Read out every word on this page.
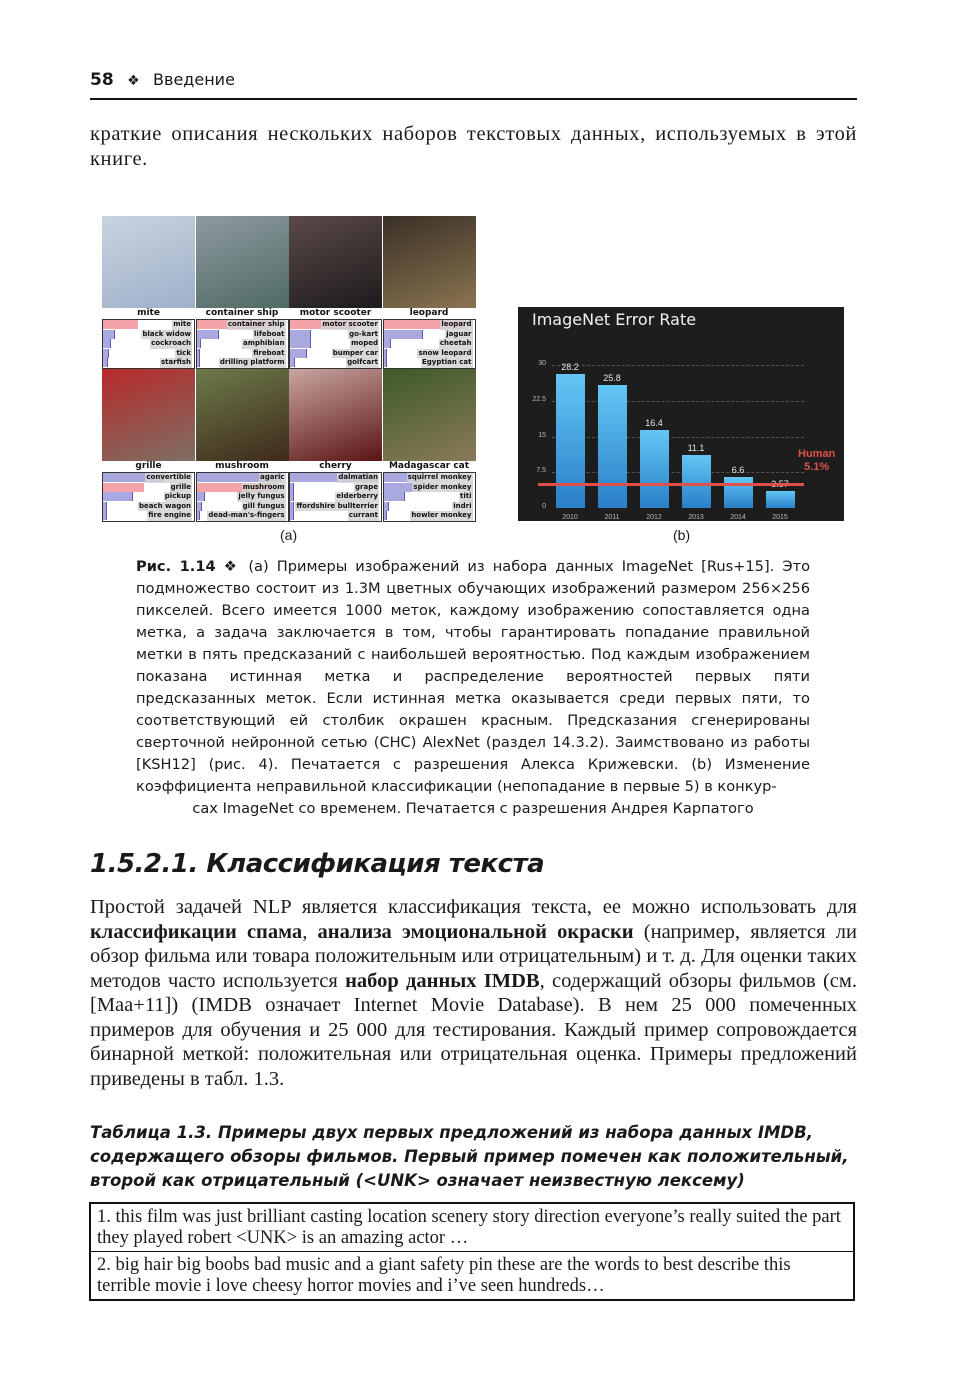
58 ❖ Введение
краткие описания нескольких наборов текстовых данных, используемых в этой книге.
mite
mite
black widow
cockroach
tick
starfish
container ship
container ship
lifeboat
amphibian
fireboat
drilling platform
motor scooter
motor scooter
go-kart
moped
bumper car
golfcart
leopard
leopard
jaguar
cheetah
snow leopard
Egyptian cat
grille
convertible
grille
pickup
beach wagon
fire engine
mushroom
agaric
mushroom
jelly fungus
gill fungus
dead-man's-fingers
cherry
dalmatian
grape
elderberry
ffordshire bullterrier
currant
Madagascar cat
squirrel monkey
spider monkey
titi
indri
howler monkey
(a)
ImageNet Error Rate
0
7.5
15
22.5
30	28.2
2010
25.8
2011
16.4
2012
11.1
2013
6.6
2014	2015
Human
5.1%
(b)
Рис. 1.14 ❖ (a) Примеры изображений из набора данных ImageNet [Rus+15]. Это подмножество состоит из 1.3M цветных обучающих изображений размером 256×256 пикселей. Всего имеется 1000 меток, каждому изображению сопоставляется одна метка, а задача заключается в том, чтобы гарантировать попадание правильной метки в пять предсказаний с наибольшей вероятностью. Под каждым изображением показана истинная метка и распределение вероятностей первых пяти предсказанных меток. Если истинная метка оказывается среди первых пяти, то соответствующий ей столбик окрашен красным. Предсказания сгенерированы сверточной нейронной сетью (СНС) AlexNet (раздел 14.3.2). Заимствовано из работы [KSH12] (рис. 4). Печатается с разрешения Алекса Крижевски. (b) Изменение коэффициента неправильной классификации (непопадание в первые 5) в конкур-
сах ImageNet со временем. Печатается с разрешения Андрея Карпатого
1.5.2.1. Классификация текста
Простой задачей NLP является классификация текста, ее можно использовать для классификации спама, анализа эмоциональной окраски (например, является ли обзор фильма или товара положительным или отрицательным) и т. д. Для оценки таких методов часто используется набор данных IMDB, содержащий обзоры фильмов (см. [Maa+11]) (IMDB означает Internet Movie Database). В нем 25 000 помеченных примеров для обучения и 25 000 для тестирования. Каждый пример сопровождается бинарной меткой: положительная или отрицательная оценка. Примеры предложений приведены в табл. 1.3.
Таблица 1.3. Примеры двух первых предложений из набора данных IMDB, содержащего обзоры фильмов. Первый пример помечен как положительный, второй как отрицательный (<UNK> означает неизвестную лексему)
1. this film was just brilliant casting location scenery story direction everyone’s really suited the part they played robert <UNK> is an amazing actor …
2. big hair big boobs bad music and a giant safety pin these are the words to best describe this terrible movie i love cheesy horror movies and i’ve seen hundreds…
